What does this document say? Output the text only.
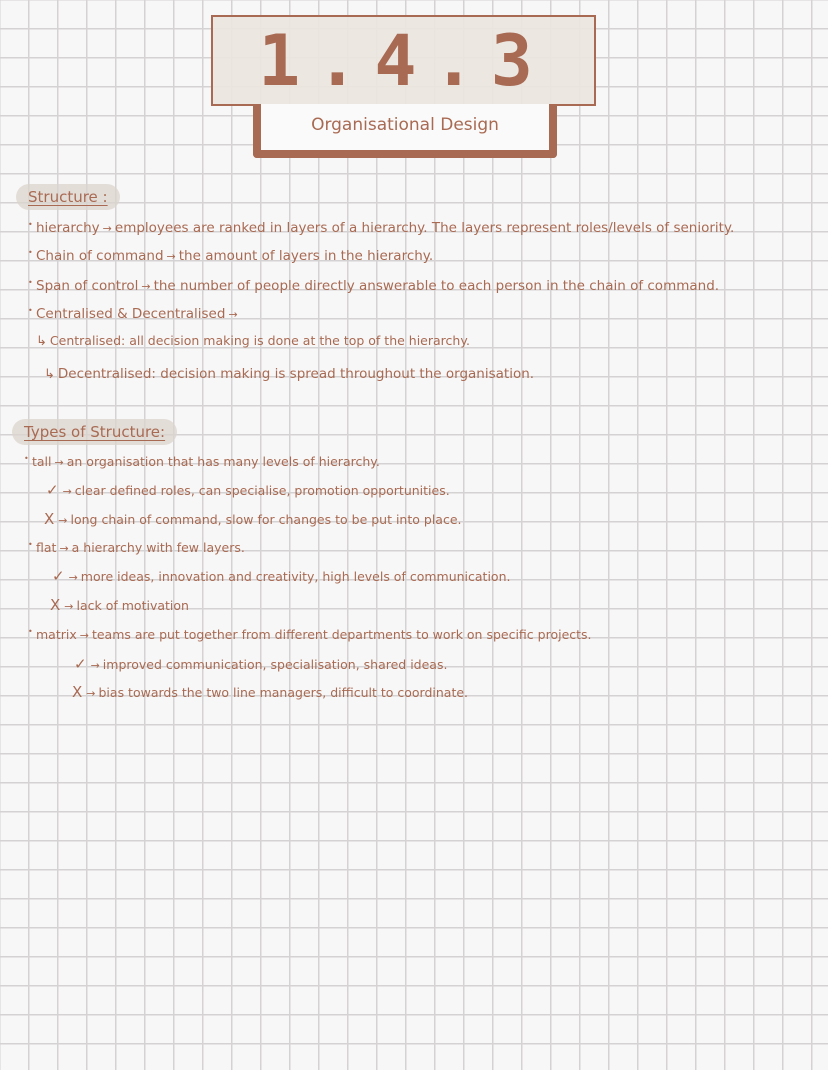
1.4.3
Organisational Design
Structure :
• hierarchy → employees are ranked in layers of a hierarchy. The layers represent roles/levels of seniority.
• Chain of command → the amount of layers in the hierarchy.
• Span of control → the number of people directly answerable to each person in the chain of command.
• Centralised & Decentralised →
↳ Centralised: all decision making is done at the top of the hierarchy.
↳ Decentralised: decision making is spread throughout the organisation.
Types of Structure:
• tall → an organisation that has many levels of hierarchy.
✓ → clear defined roles, can specialise, promotion opportunities.
X → long chain of command, slow for changes to be put into place.
• flat → a hierarchy with few layers.
✓ → more ideas, innovation and creativity, high levels of communication.
X → lack of motivation
• matrix → teams are put together from different departments to work on specific projects.
✓ → improved communication, specialisation, shared ideas.
X → bias towards the two line managers, difficult to coordinate.
